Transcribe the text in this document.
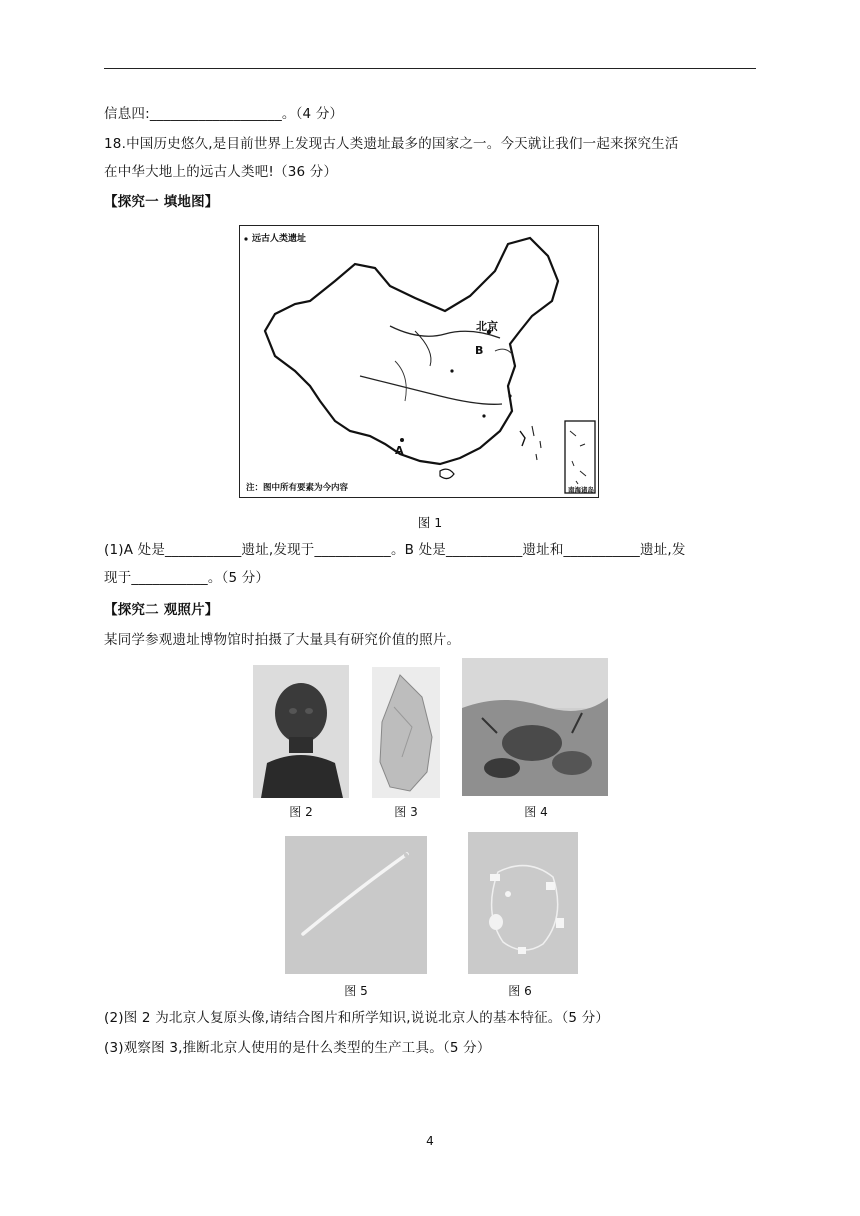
信息四:___________________。（4 分）
18.中国历史悠久,是目前世界上发现古人类遗址最多的国家之一。今天就让我们一起来探究生活
在中华大地上的远古人类吧!（36 分）
【探究一 填地图】
远古人类遗址
北京
B
A
注：图中所有要素为今内容	南海诸岛
图 1
(1)A 处是___________遗址,发现于___________。B 处是___________遗址和___________遗址,发
现于___________。（5 分）
【探究二 观照片】
某同学参观遗址博物馆时拍摄了大量具有研究价值的照片。
图 2	图 3	图 4
图 5	图 6
(2)图 2 为北京人复原头像,请结合图片和所学知识,说说北京人的基本特征。（5 分）
(3)观察图 3,推断北京人使用的是什么类型的生产工具。（5 分）
4
